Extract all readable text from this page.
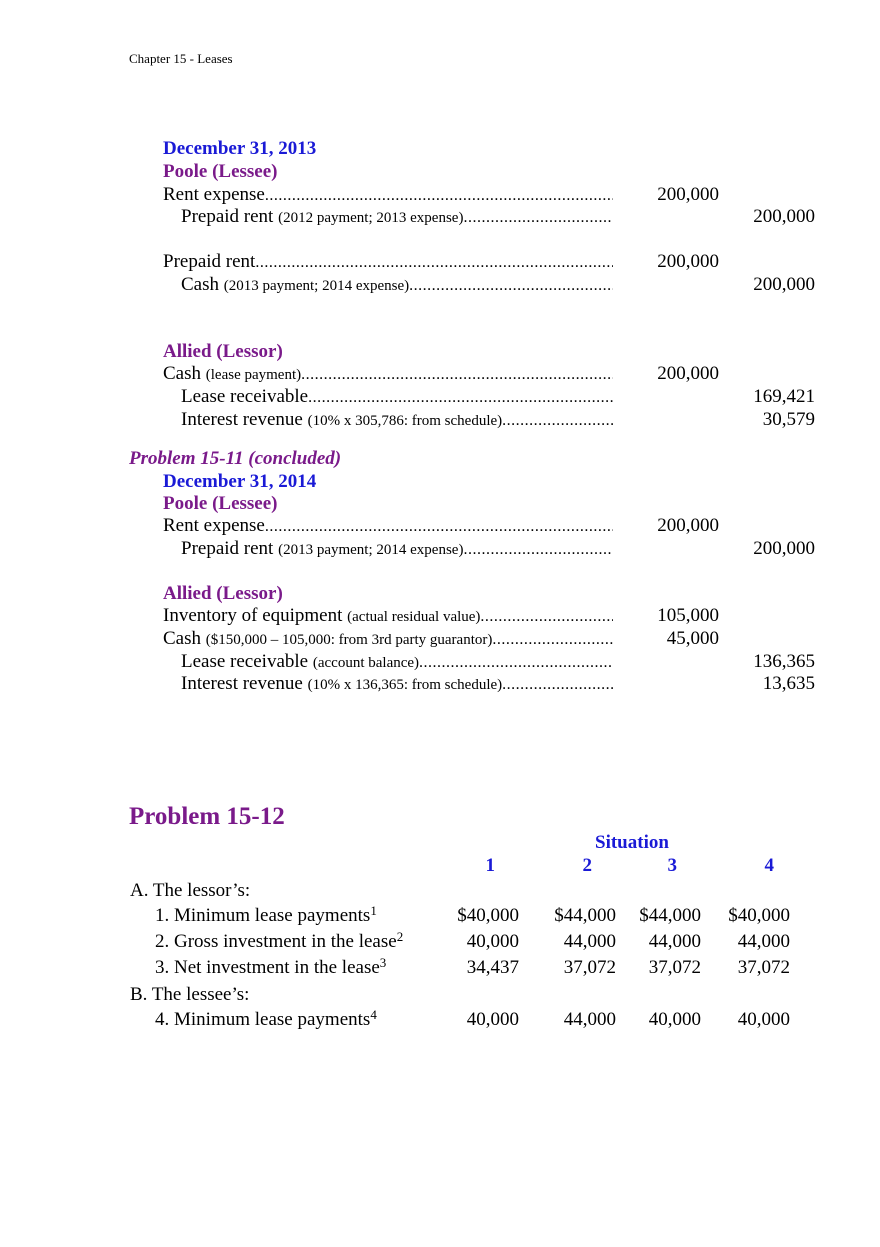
Chapter 15 - Leases
December 31, 2013
Poole (Lessee)
Rent expense .....	200,000
Prepaid rent (2012 payment; 2013 expense) .....	200,000
Prepaid rent .....	200,000
Cash (2013 payment; 2014 expense) .....	200,000
Allied (Lessor)
Cash (lease payment) .....	200,000
Lease receivable .....	169,421
Interest revenue (10% x 305,786: from schedule) .....	30,579
Problem 15-11 (concluded)
December 31, 2014
Poole (Lessee)
Rent expense .....	200,000
Prepaid rent (2013 payment; 2014 expense) .....	200,000
Allied (Lessor)
Inventory of equipment (actual residual value) .....	105,000
Cash ($150,000 – 105,000: from 3rd party guarantor) .....	45,000
Lease receivable (account balance) .....	136,365
Interest revenue (10% x 136,365: from schedule) .....	13,635
Problem 15-12
Situation
1	2	3	4
A. The lessor’s:
1. Minimum lease payments$^1$	$40,000	$44,000	$44,000	$40,000
2. Gross investment in the lease$^2$	40,000	44,000	44,000	44,000
3. Net investment in the lease$^3$	34,437	37,072	37,072	37,072
B. The lessee’s:
4. Minimum lease payments$^4$	40,000	44,000	40,000	40,000
